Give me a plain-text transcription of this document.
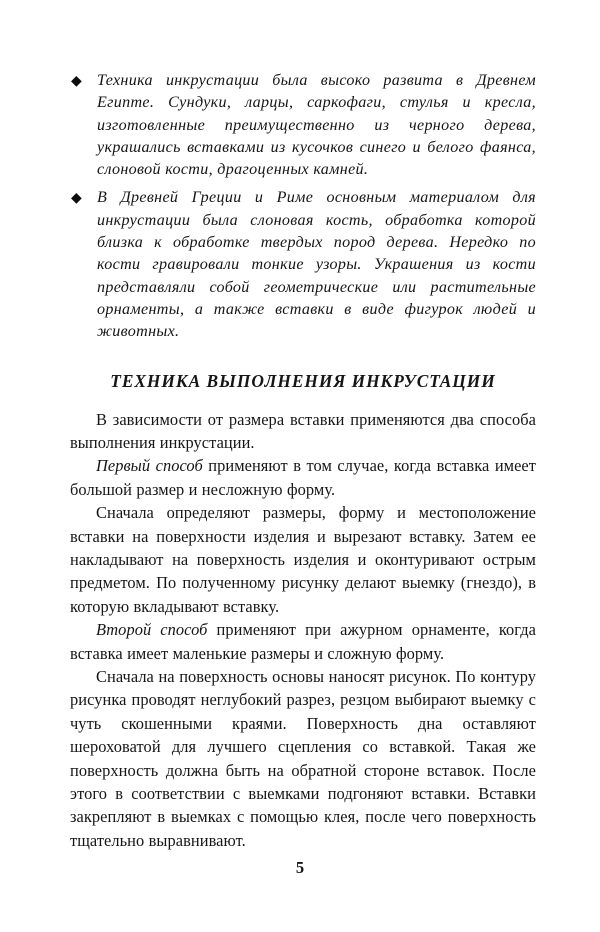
◆ Техника инкрустации была высоко развита в Древнем Египте. Сундуки, ларцы, саркофаги, стулья и кресла, изготовленные преимущественно из черного дерева, украшались вставками из кусочков синего и белого фаянса, слоновой кости, драгоценных камней.
◆ В Древней Греции и Риме основным материалом для инкрустации была слоновая кость, обработка которой близка к обработке твердых пород дерева. Нередко по кости гравировали тонкие узоры. Украшения из кости представляли собой геометрические или растительные орнаменты, а также вставки в виде фигурок людей и животных.
ТЕХНИКА ВЫПОЛНЕНИЯ ИНКРУСТАЦИИ

В зависимости от размера вставки применяются два способа выполнения инкрустации.

Первый способ применяют в том случае, когда вставка имеет большой размер и несложную форму.

Сначала определяют размеры, форму и местоположение вставки на поверхности изделия и вырезают вставку. Затем ее накладывают на поверхность изделия и оконтуривают острым предметом. По полученному рисунку делают выемку (гнездо), в которую вкладывают вставку.

Второй способ применяют при ажурном орнаменте, когда вставка имеет маленькие размеры и сложную форму.

Сначала на поверхность основы наносят рисунок. По контуру рисунка проводят неглубокий разрез, резцом выбирают выемку с чуть скошенными краями. Поверхность дна оставляют шероховатой для лучшего сцепления со вставкой. Такая же поверхность должна быть на обратной стороне вставок. После этого в соответствии с выемками подгоняют вставки. Вставки закрепляют в выемках с помощью клея, после чего поверхность тщательно выравнивают.

5
